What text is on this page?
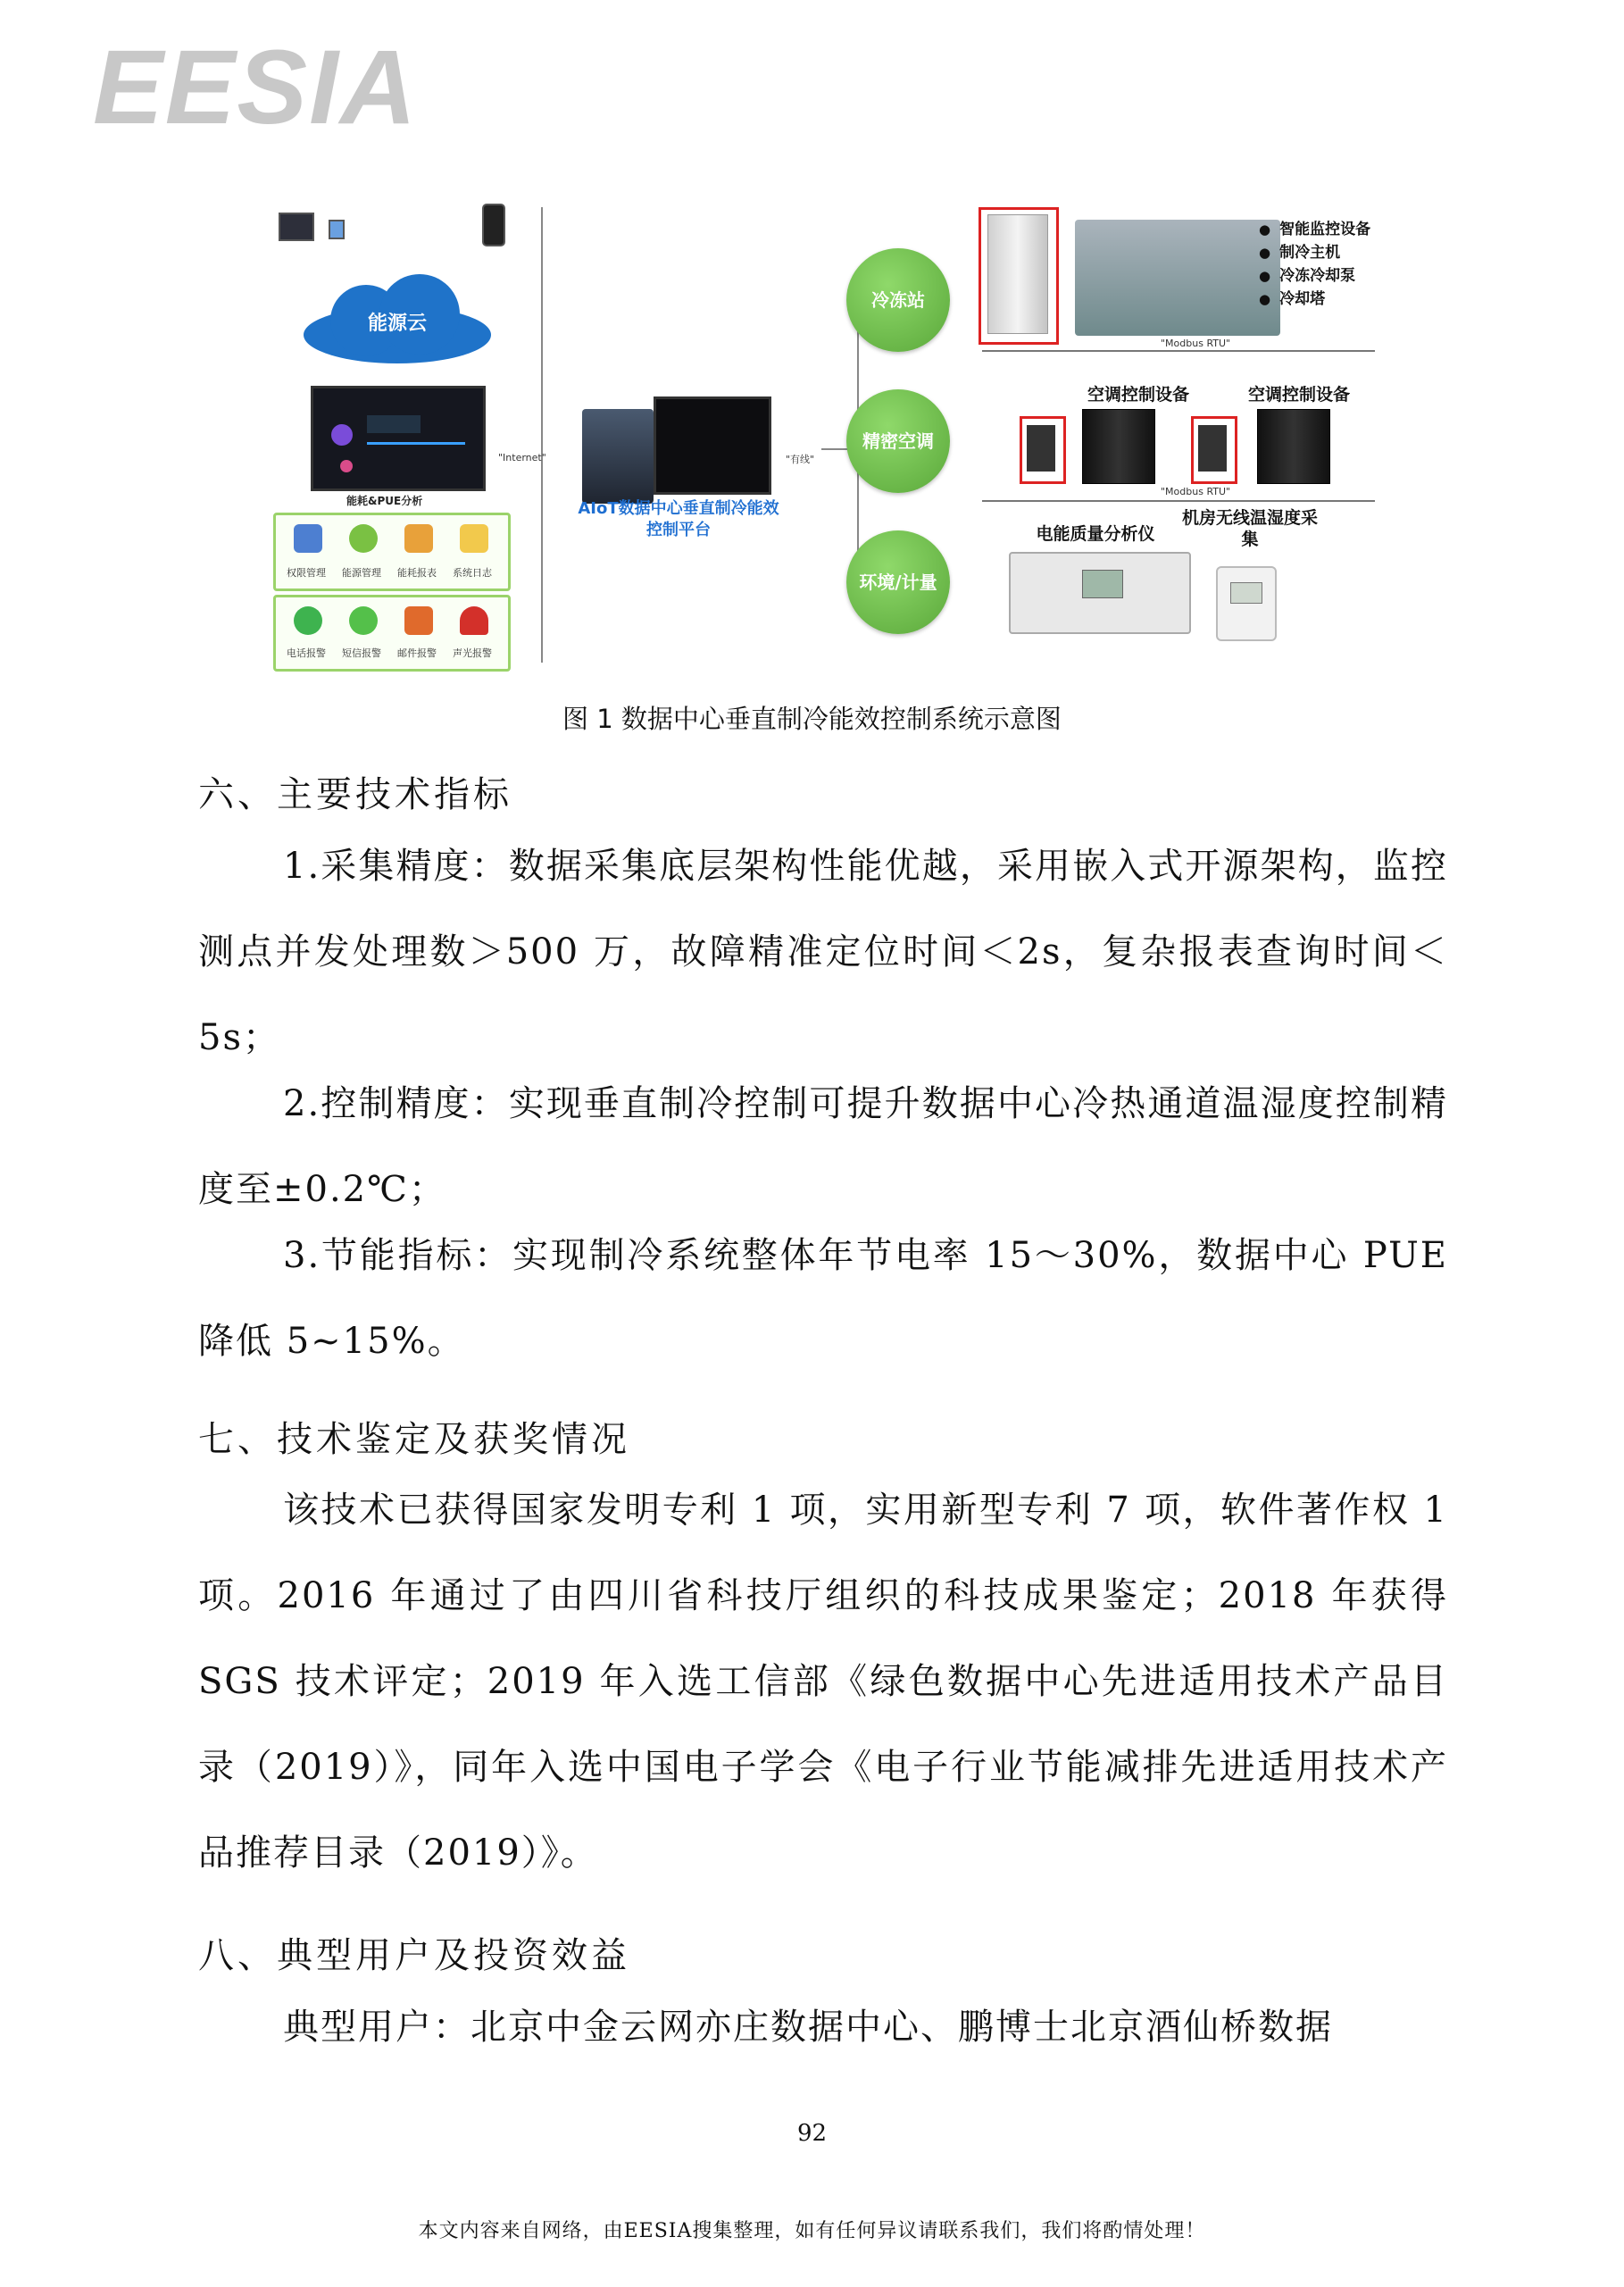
EESIA
能源云
能耗&PUE分析
权限管理 能源管理 能耗报表 系统日志
电话报警 短信报警 邮件报警 声光报警
"Internet"
AIoT数据中心垂直制冷能效控制平台
"有线"
冷冻站
精密空调
环境/计量
● 智能监控设备
● 制冷主机
● 冷冻冷却泵
● 冷却塔
"Modbus RTU"
空调控制设备	空调控制设备
"Modbus RTU"
电能质量分析仪
机房无线温湿度采集
图 1 数据中心垂直制冷能效控制系统示意图
六、主要技术指标
1.采集精度：数据采集底层架构性能优越，采用嵌入式开源架构，监控测点并发处理数＞500 万，故障精准定位时间＜2s，复杂报表查询时间＜5s；
2.控制精度：实现垂直制冷控制可提升数据中心冷热通道温湿度控制精度至±0.2℃；
3.节能指标：实现制冷系统整体年节电率 15～30%，数据中心 PUE 降低 5~15%。
七、技术鉴定及获奖情况
该技术已获得国家发明专利 1 项，实用新型专利 7 项，软件著作权 1 项。2016 年通过了由四川省科技厅组织的科技成果鉴定；2018 年获得 SGS 技术评定；2019 年入选工信部《绿色数据中心先进适用技术产品目录（2019）》，同年入选中国电子学会《电子行业节能减排先进适用技术产品推荐目录（2019）》。
八、典型用户及投资效益
典型用户：北京中金云网亦庄数据中心、鹏博士北京酒仙桥数据
92
本文内容来自网络，由EESIA搜集整理，如有任何异议请联系我们，我们将酌情处理！
